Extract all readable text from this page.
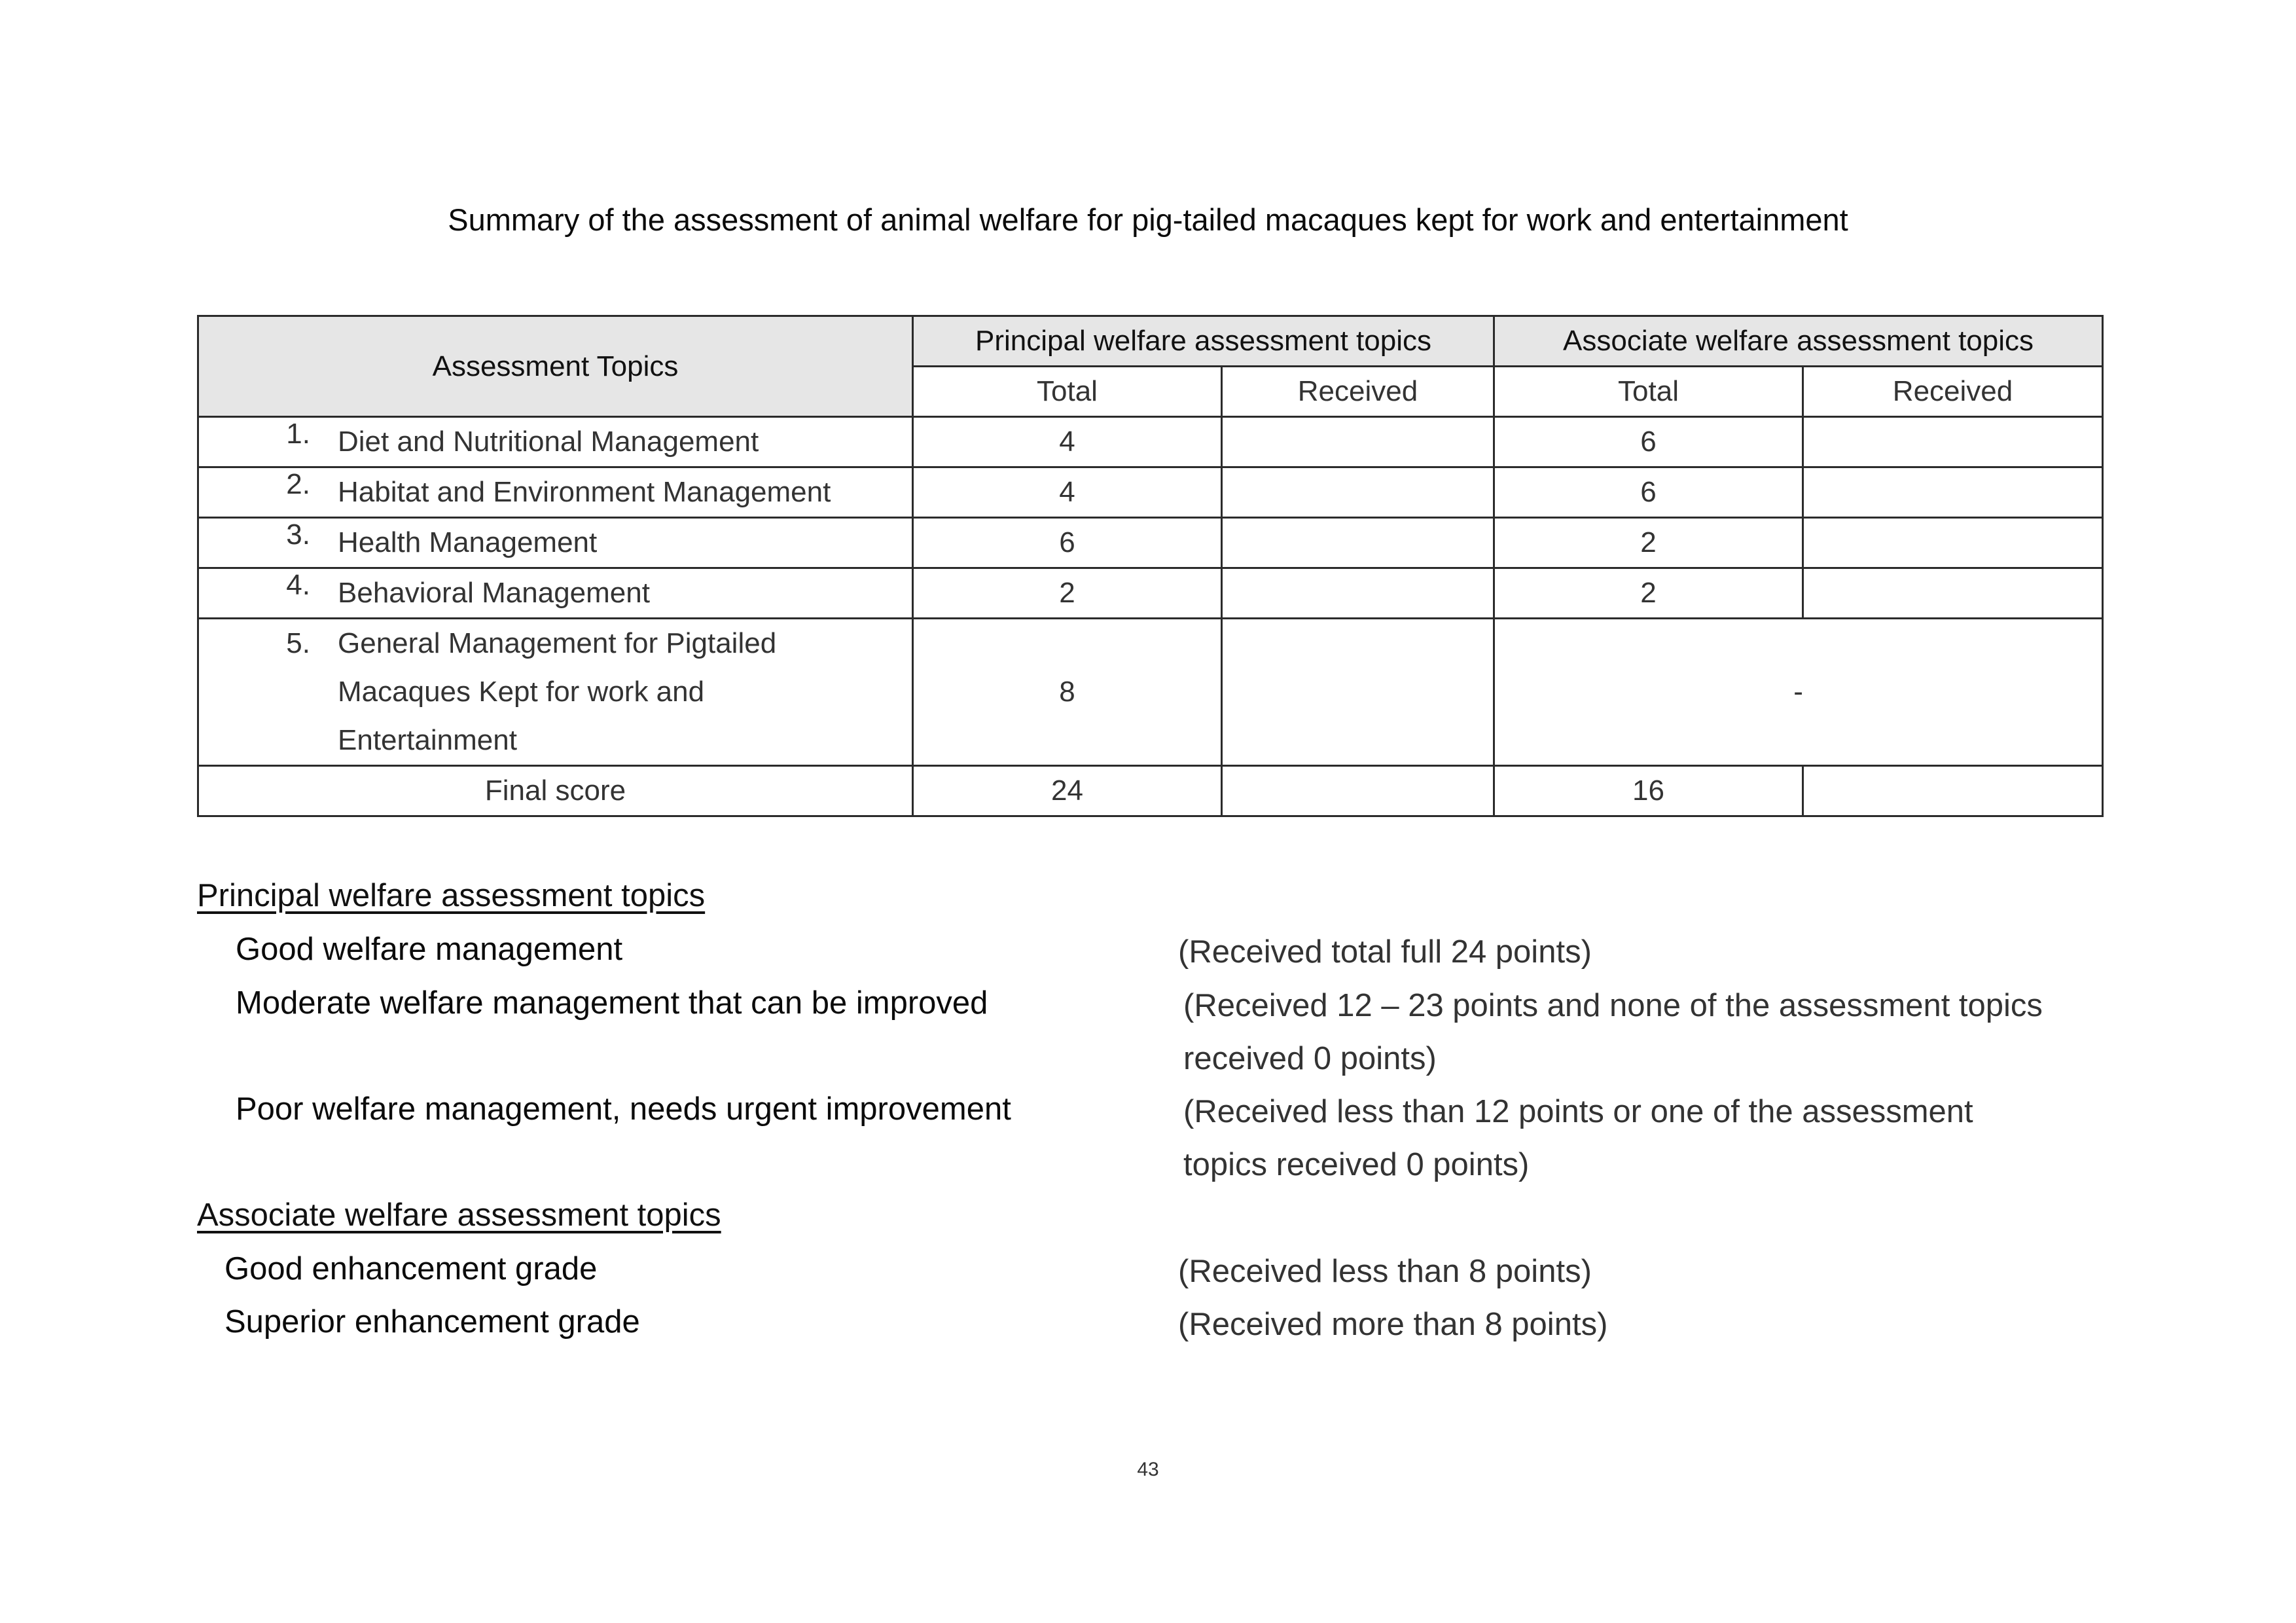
Summary of the assessment of animal welfare for pig-tailed macaques kept for work and entertainment
Assessment Topics	Principal welfare assessment topics		Associate welfare assessment topics	
	Total	Received	Total	Received
1. Diet and Nutritional Management	4		6	
2. Habitat and Environment Management	4		6	
3. Health Management	6		2	
4. Behavioral Management	2		2	

5. General Management for Pigtailed
Macaques Kept for work and
Entertainment	8		-	
Final score	24		16	
Principal welfare assessment topics
Good welfare management	(Received total full 24 points)
Moderate welfare management that can be improved	(Received 12 – 23 points and none of the assessment topics
received 0 points)
Poor welfare management, needs urgent improvement	(Received less than 12 points or one of the assessment
topics received 0 points)
Associate welfare assessment topics
Good enhancement grade	(Received less than 8 points)
Superior enhancement grade	(Received more than 8 points)
43
